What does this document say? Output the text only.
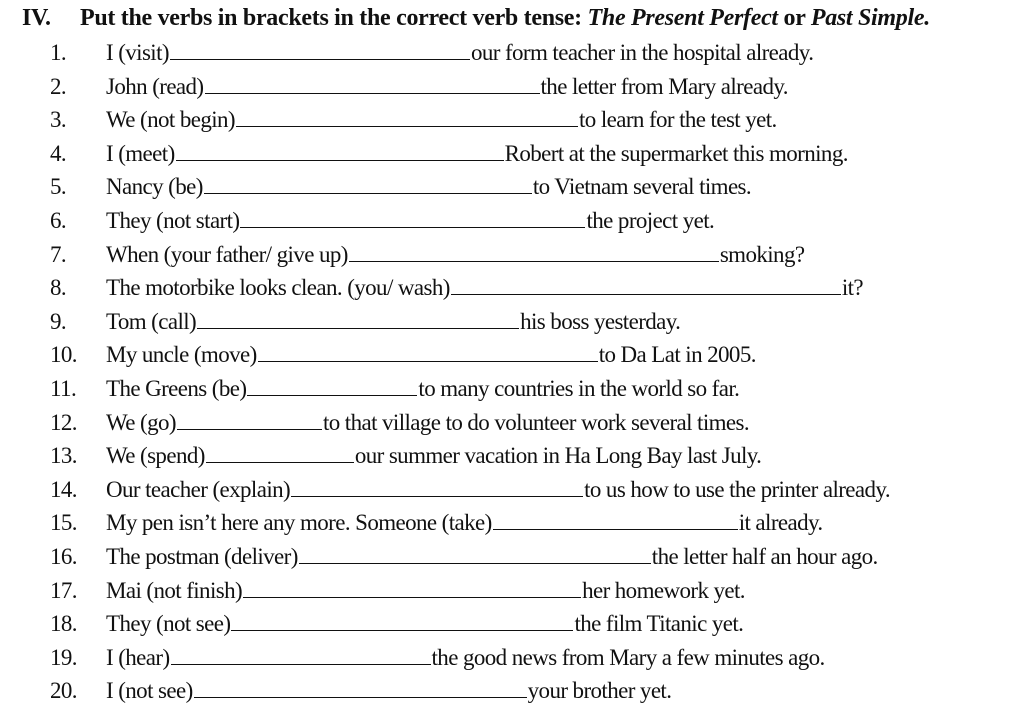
IV. Put the verbs in brackets in the correct verb tense: The Present Perfect or Past Simple.
1.	I (visit)	our form teacher in the hospital already.
2.	John (read)	the letter from Mary already.
3.	We (not begin)	to learn for the test yet.
4.	I (meet)	Robert at the supermarket this morning.
5.	Nancy (be)	to Vietnam several times.
6.	They (not start)	the project yet.
7.	When (your father/ give up)	smoking?
8.	The motorbike looks clean. (you/ wash)	it?
9.	Tom (call)	his boss yesterday.
10.	My uncle (move)	to Da Lat in 2005.
11.	The Greens (be)	to many countries in the world so far.
12.	We (go)	to that village to do volunteer work several times.
13.	We (spend)	our summer vacation in Ha Long Bay last July.
14.	Our teacher (explain)	to us how to use the printer already.
15.	My pen isn’t here any more. Someone (take)	it already.
16.	The postman (deliver)	the letter half an hour ago.
17.	Mai (not finish)	her homework yet.
18.	They (not see)	the film Titanic yet.
19.	I (hear)	the good news from Mary a few minutes ago.
20.	I (not see)	your brother yet.
